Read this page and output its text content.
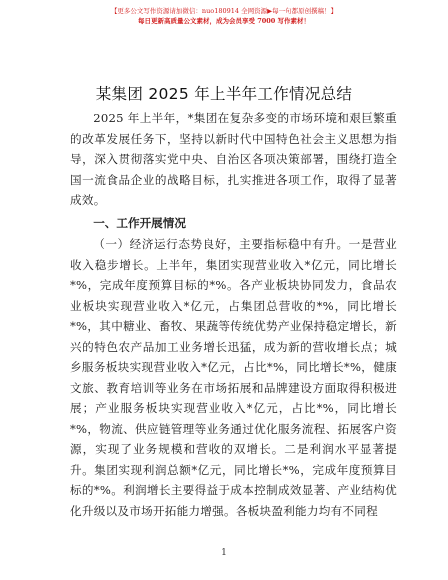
【更多公文写作资源请加微信：nuo180914 全网资源▶每一句都原创撰稿！】
每日更新高质量公文素材，成为会员享受 7000 写作素材！
某集团 2025 年上半年工作情况总结

2025 年上半年，*集团在复杂多变的市场环境和艰巨繁重的改革发展任务下，坚持以新时代中国特色社会主义思想为指导，深入贯彻落实党中央、自治区各项决策部署，围绕打造全国一流食品企业的战略目标，扎实推进各项工作，取得了显著成效。

一、工作开展情况

（一）经济运行态势良好，主要指标稳中有升。一是营业收入稳步增长。上半年，集团实现营业收入*亿元，同比增长*%，完成年度预算目标的*%。各产业板块协同发力，食品农业板块实现营业收入*亿元，占集团总营收的*%，同比增长*%，其中糖业、畜牧、果蔬等传统优势产业保持稳定增长，新兴的特色农产品加工业务增长迅猛，成为新的营收增长点；城乡服务板块实现营业收入*亿元，占比*%，同比增长*%，健康文旅、教育培训等业务在市场拓展和品牌建设方面取得积极进展；产业服务板块实现营业收入*亿元，占比*%，同比增长*%，物流、供应链管理等业务通过优化服务流程、拓展客户资源，实现了业务规模和营收的双增长。二是利润水平显著提升。集团实现利润总额*亿元，同比增长*%，完成年度预算目标的*%。利润增长主要得益于成本控制成效显著、产业结构优化升级以及市场开拓能力增强。各板块盈利能力均有不同程

1
